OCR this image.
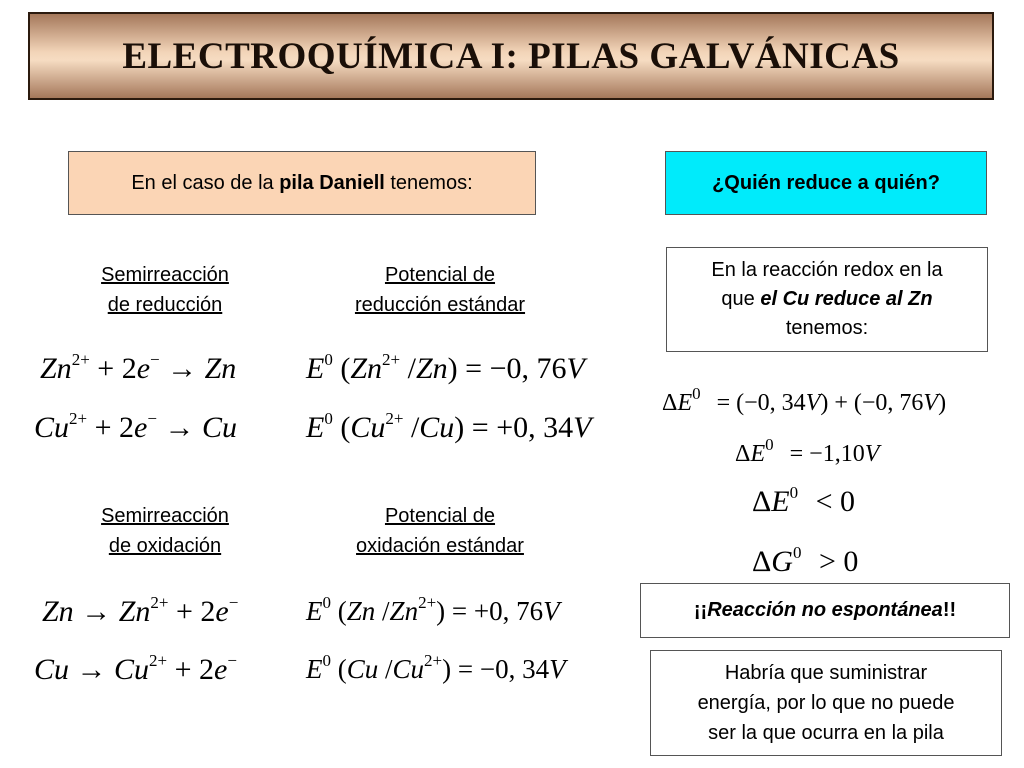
ELECTROQUÍMICA I: PILAS GALVÁNICAS
En el caso de la pila Daniell tenemos:	¿Quién reduce a quién?
Semirreacción
de reducción
Potencial de
reducción estándar
$Zn^{2+} + 2e^- \to Zn$
$Cu^{2+} + 2e^- \to Cu$
$E^0$ ($Zn^{2+}$ /Zn) = −0, 76V
$E^0$ ($Cu^{2+}$ /Cu) = +0, 34V
Semirreacción
de oxidación
Potencial de
oxidación estándar
$Zn \to Zn^{2+} + 2e^-$
$Cu \to Cu^{2+} + 2e^-$
$E^0$ (Zn $/Zn^{2+}) = +0$, 76V
$E^0$ (Cu $/Cu^{2+}) = -0$, 34V
En la reacción redox en la
que el Cu reduce al Zn
tenemos:
$\Delta E^0 = (-0$, 34V) + (−0, 76V)
$\Delta E^0 = -1,10V$
$\Delta E^0 < 0$
$\Delta G^0 > 0$
¡¡Reacción no espontánea!!
Habría que suministrar
energía, por lo que no puede
ser la que ocurra en la pila
